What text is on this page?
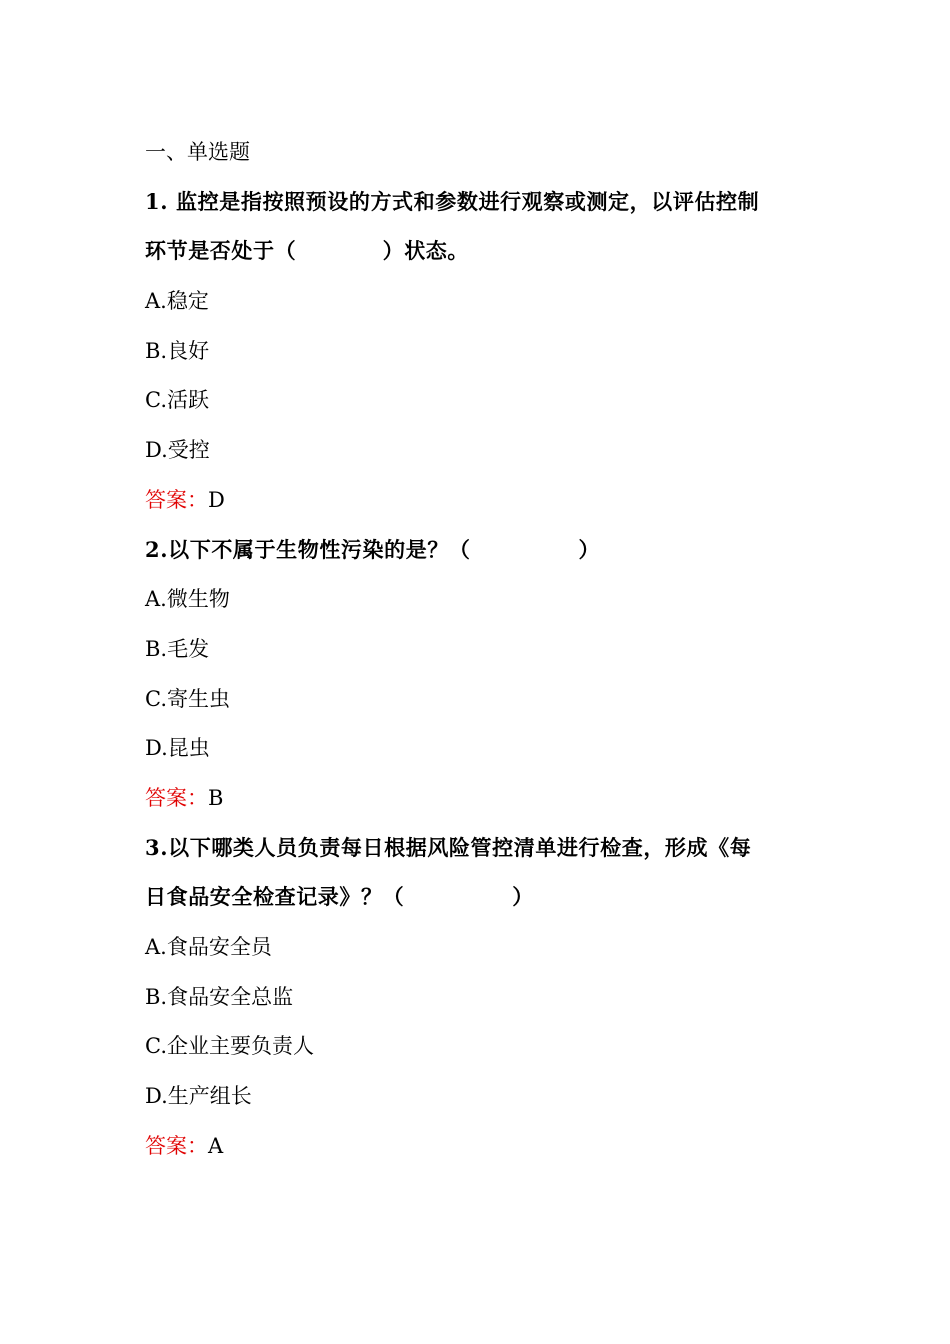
一、单选题
1. 监控是指按照预设的方式和参数进行观察或测定，以评估控制
环节是否处于（　　　　）状态。
A.稳定
B.良好
C.活跃
D.受控
答案：D
2.以下不属于生物性污染的是？（　　　　　）
A.微生物
B.毛发
C.寄生虫
D.昆虫
答案：B
3.以下哪类人员负责每日根据风险管控清单进行检查，形成《每
日食品安全检查记录》？（　　　　　）
A.食品安全员
B.食品安全总监
C.企业主要负责人
D.生产组长
答案：A
